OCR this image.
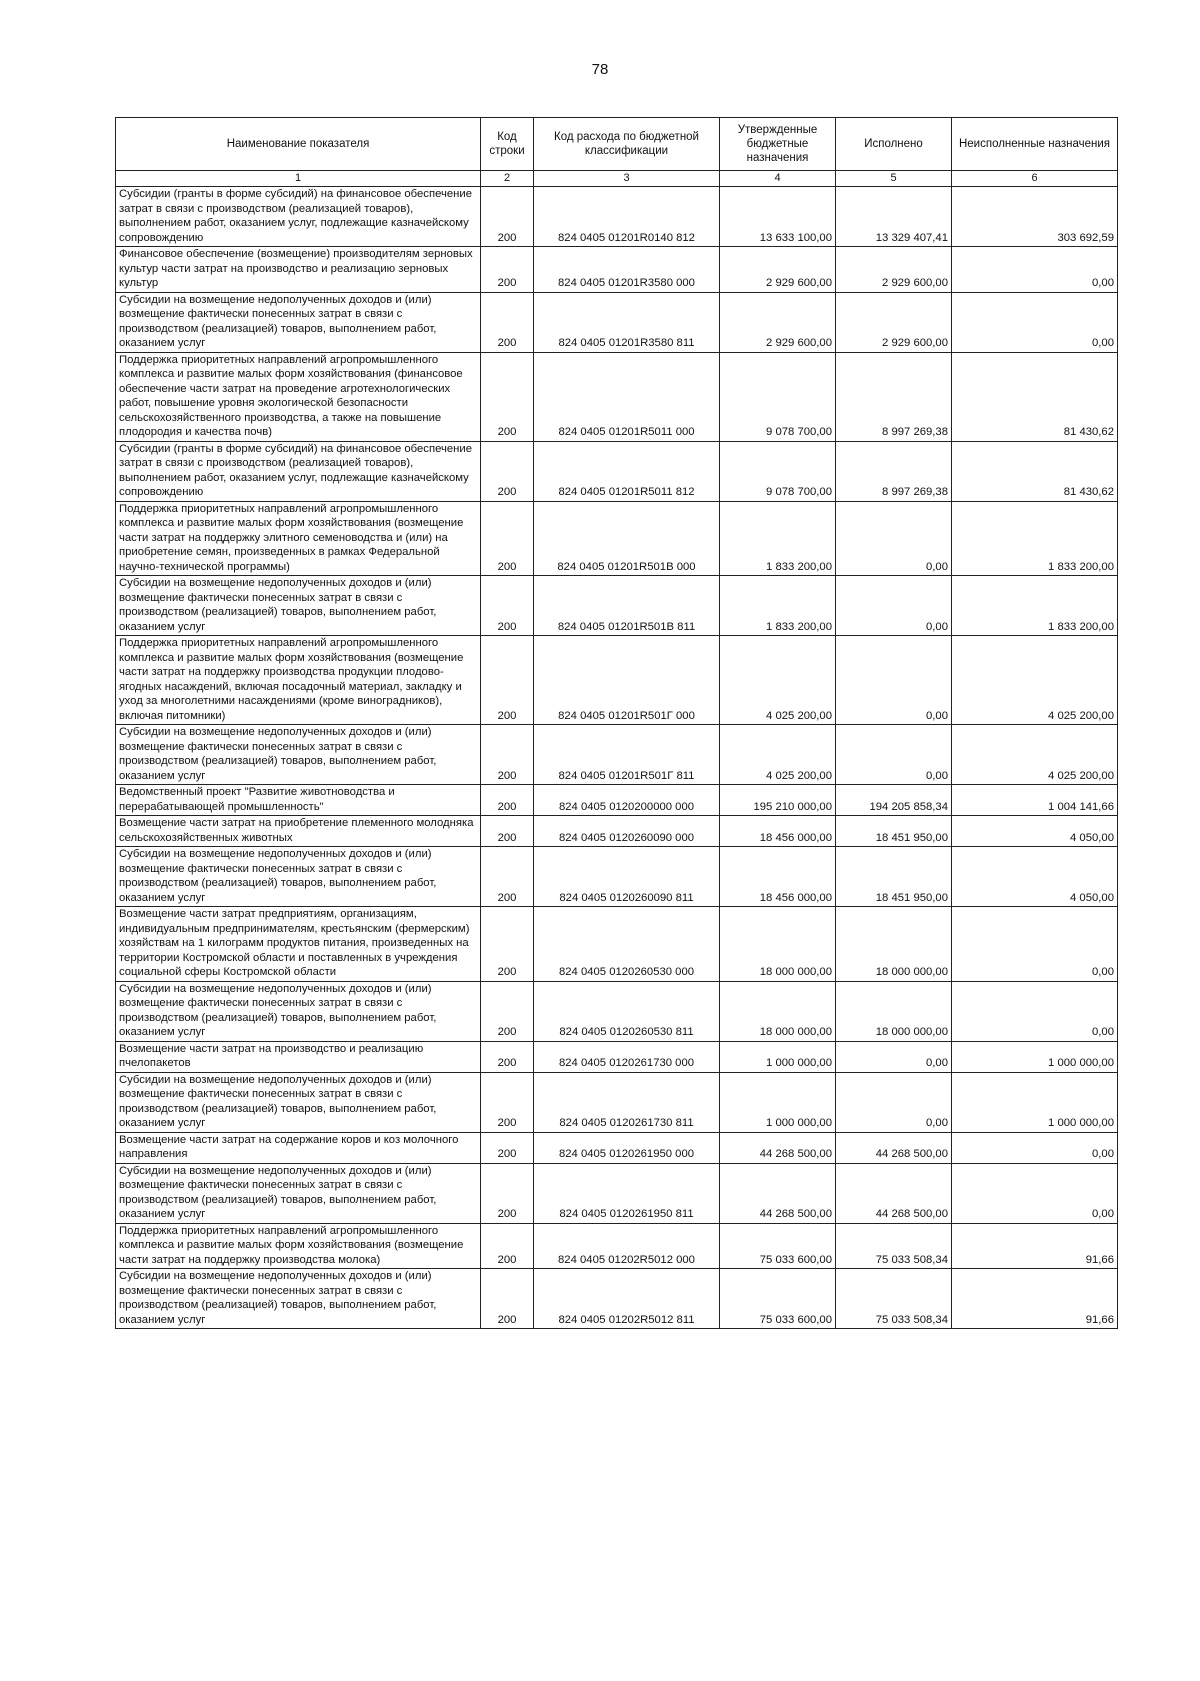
78
Наименование показателя	Код строки	Код расхода по бюджетной классификации	Утвержденные бюджетные назначения	Исполнено	Неисполненные назначения
1	2	3	4	5	6
Субсидии (гранты в форме субсидий) на финансовое обеспечение затрат в связи с производством (реализацией товаров), выполнением работ, оказанием услуг, подлежащие казначейскому сопровождению	200	824 0405 01201R0140 812	13 633 100,00	13 329 407,41	303 692,59
Финансовое обеспечение (возмещение) производителям зерновых культур части затрат на производство и реализацию зерновых культур	200	824 0405 01201R3580 000	2 929 600,00	2 929 600,00	0,00
Субсидии на возмещение недополученных доходов и (или) возмещение фактически понесенных затрат в связи с производством (реализацией) товаров, выполнением работ, оказанием услуг	200	824 0405 01201R3580 811	2 929 600,00	2 929 600,00	0,00
Поддержка приоритетных направлений агропромышленного комплекса и развитие малых форм хозяйствования (финансовое обеспечение части затрат на проведение агротехнологических работ, повышение уровня экологической безопасности сельскохозяйственного производства, а также на повышение плодородия и качества почв)	200	824 0405 01201R5011 000	9 078 700,00	8 997 269,38	81 430,62
Субсидии (гранты в форме субсидий) на финансовое обеспечение затрат в связи с производством (реализацией товаров), выполнением работ, оказанием услуг, подлежащие казначейскому сопровождению	200	824 0405 01201R5011 812	9 078 700,00	8 997 269,38	81 430,62
Поддержка приоритетных направлений агропромышленного комплекса и развитие малых форм хозяйствования (возмещение части затрат на поддержку элитного семеноводства и (или) на приобретение семян, произведенных в рамках Федеральной научно-технической программы)	200	824 0405 01201R501В 000	1 833 200,00	0,00	1 833 200,00
Субсидии на возмещение недополученных доходов и (или) возмещение фактически понесенных затрат в связи с производством (реализацией) товаров, выполнением работ, оказанием услуг	200	824 0405 01201R501В 811	1 833 200,00	0,00	1 833 200,00
Поддержка приоритетных направлений агропромышленного комплекса и развитие малых форм хозяйствования (возмещение части затрат на поддержку производства продукции плодово-ягодных насаждений, включая посадочный материал, закладку и уход за многолетними насаждениями (кроме виноградников), включая питомники)	200	824 0405 01201R501Г 000	4 025 200,00	0,00	4 025 200,00
Субсидии на возмещение недополученных доходов и (или) возмещение фактически понесенных затрат в связи с производством (реализацией) товаров, выполнением работ, оказанием услуг	200	824 0405 01201R501Г 811	4 025 200,00	0,00	4 025 200,00
Ведомственный проект "Развитие животноводства и перерабатывающей промышленность"	200	824 0405 0120200000 000	195 210 000,00	194 205 858,34	1 004 141,66
Возмещение части затрат на приобретение племенного молодняка сельскохозяйственных животных	200	824 0405 0120260090 000	18 456 000,00	18 451 950,00	4 050,00
Субсидии на возмещение недополученных доходов и (или) возмещение фактически понесенных затрат в связи с производством (реализацией) товаров, выполнением работ, оказанием услуг	200	824 0405 0120260090 811	18 456 000,00	18 451 950,00	4 050,00
Возмещение части затрат предприятиям, организациям, индивидуальным предпринимателям, крестьянским (фермерским) хозяйствам на 1 килограмм продуктов питания, произведенных на территории Костромской области и поставленных в учреждения социальной сферы Костромской области	200	824 0405 0120260530 000	18 000 000,00	18 000 000,00	0,00
Субсидии на возмещение недополученных доходов и (или) возмещение фактически понесенных затрат в связи с производством (реализацией) товаров, выполнением работ, оказанием услуг	200	824 0405 0120260530 811	18 000 000,00	18 000 000,00	0,00
Возмещение части затрат на производство и реализацию пчелопакетов	200	824 0405 0120261730 000	1 000 000,00	0,00	1 000 000,00
Субсидии на возмещение недополученных доходов и (или) возмещение фактически понесенных затрат в связи с производством (реализацией) товаров, выполнением работ, оказанием услуг	200	824 0405 0120261730 811	1 000 000,00	0,00	1 000 000,00
Возмещение части затрат на содержание коров и коз молочного направления	200	824 0405 0120261950 000	44 268 500,00	44 268 500,00	0,00
Субсидии на возмещение недополученных доходов и (или) возмещение фактически понесенных затрат в связи с производством (реализацией) товаров, выполнением работ, оказанием услуг	200	824 0405 0120261950 811	44 268 500,00	44 268 500,00	0,00
Поддержка приоритетных направлений агропромышленного комплекса и развитие малых форм хозяйствования (возмещение части затрат на поддержку производства молока)	200	824 0405 01202R5012 000	75 033 600,00	75 033 508,34	91,66
Субсидии на возмещение недополученных доходов и (или) возмещение фактически понесенных затрат в связи с производством (реализацией) товаров, выполнением работ, оказанием услуг	200	824 0405 01202R5012 811	75 033 600,00	75 033 508,34	91,66
